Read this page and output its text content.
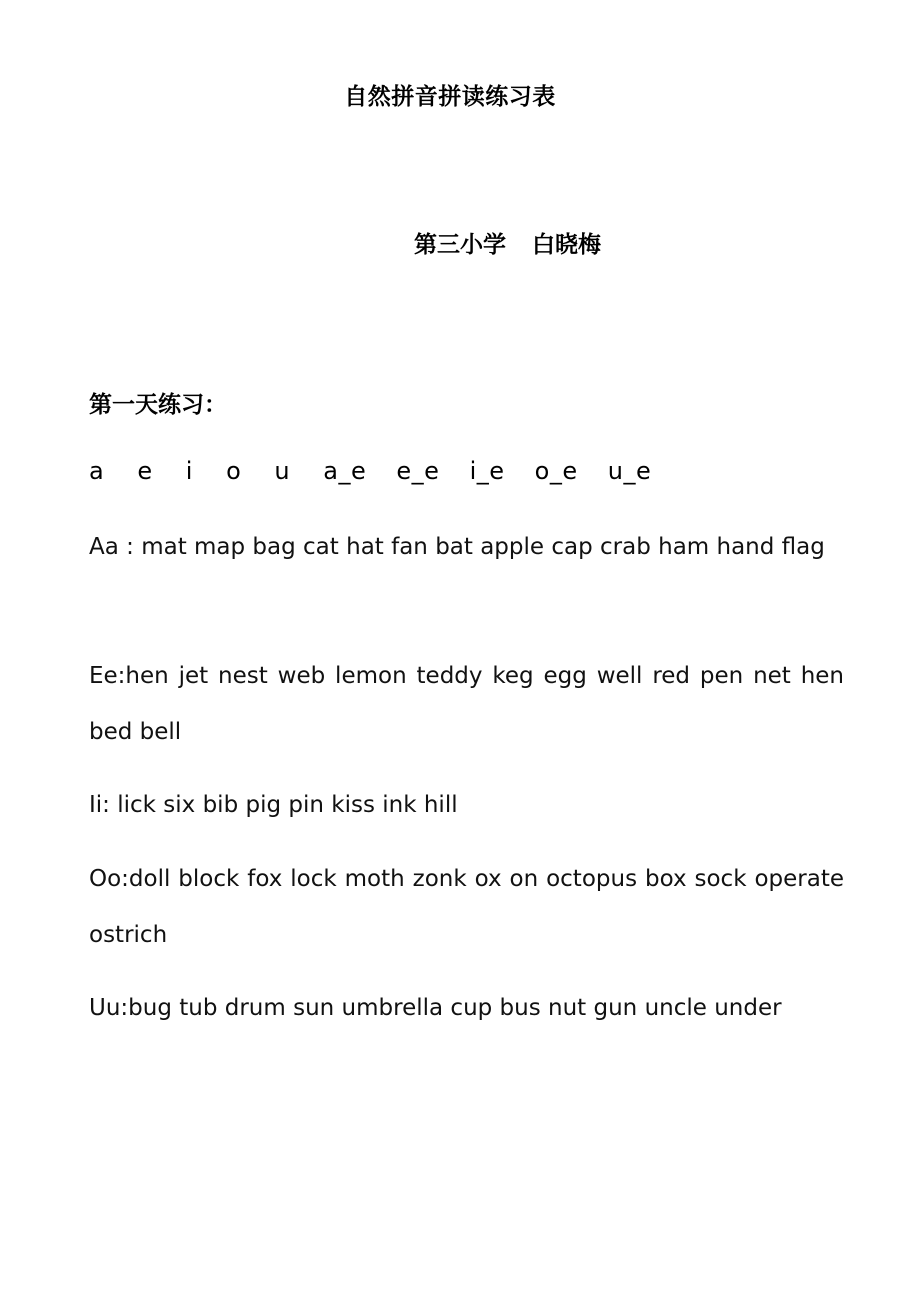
自然拼音拼读练习表
第三小学 白晓梅
第一天练习：
a e i o u a_e e_e i_e o_e u_e
Aa : mat map bag cat hat fan bat apple cap crab ham hand flag
Ee:hen jet nest web lemon teddy keg egg well red pen net hen bed bell
Ii: lick six bib pig pin kiss ink hill
Oo:doll block fox lock moth zonk ox on octopus box sock operate ostrich
Uu:bug tub drum sun umbrella cup bus nut gun uncle under
